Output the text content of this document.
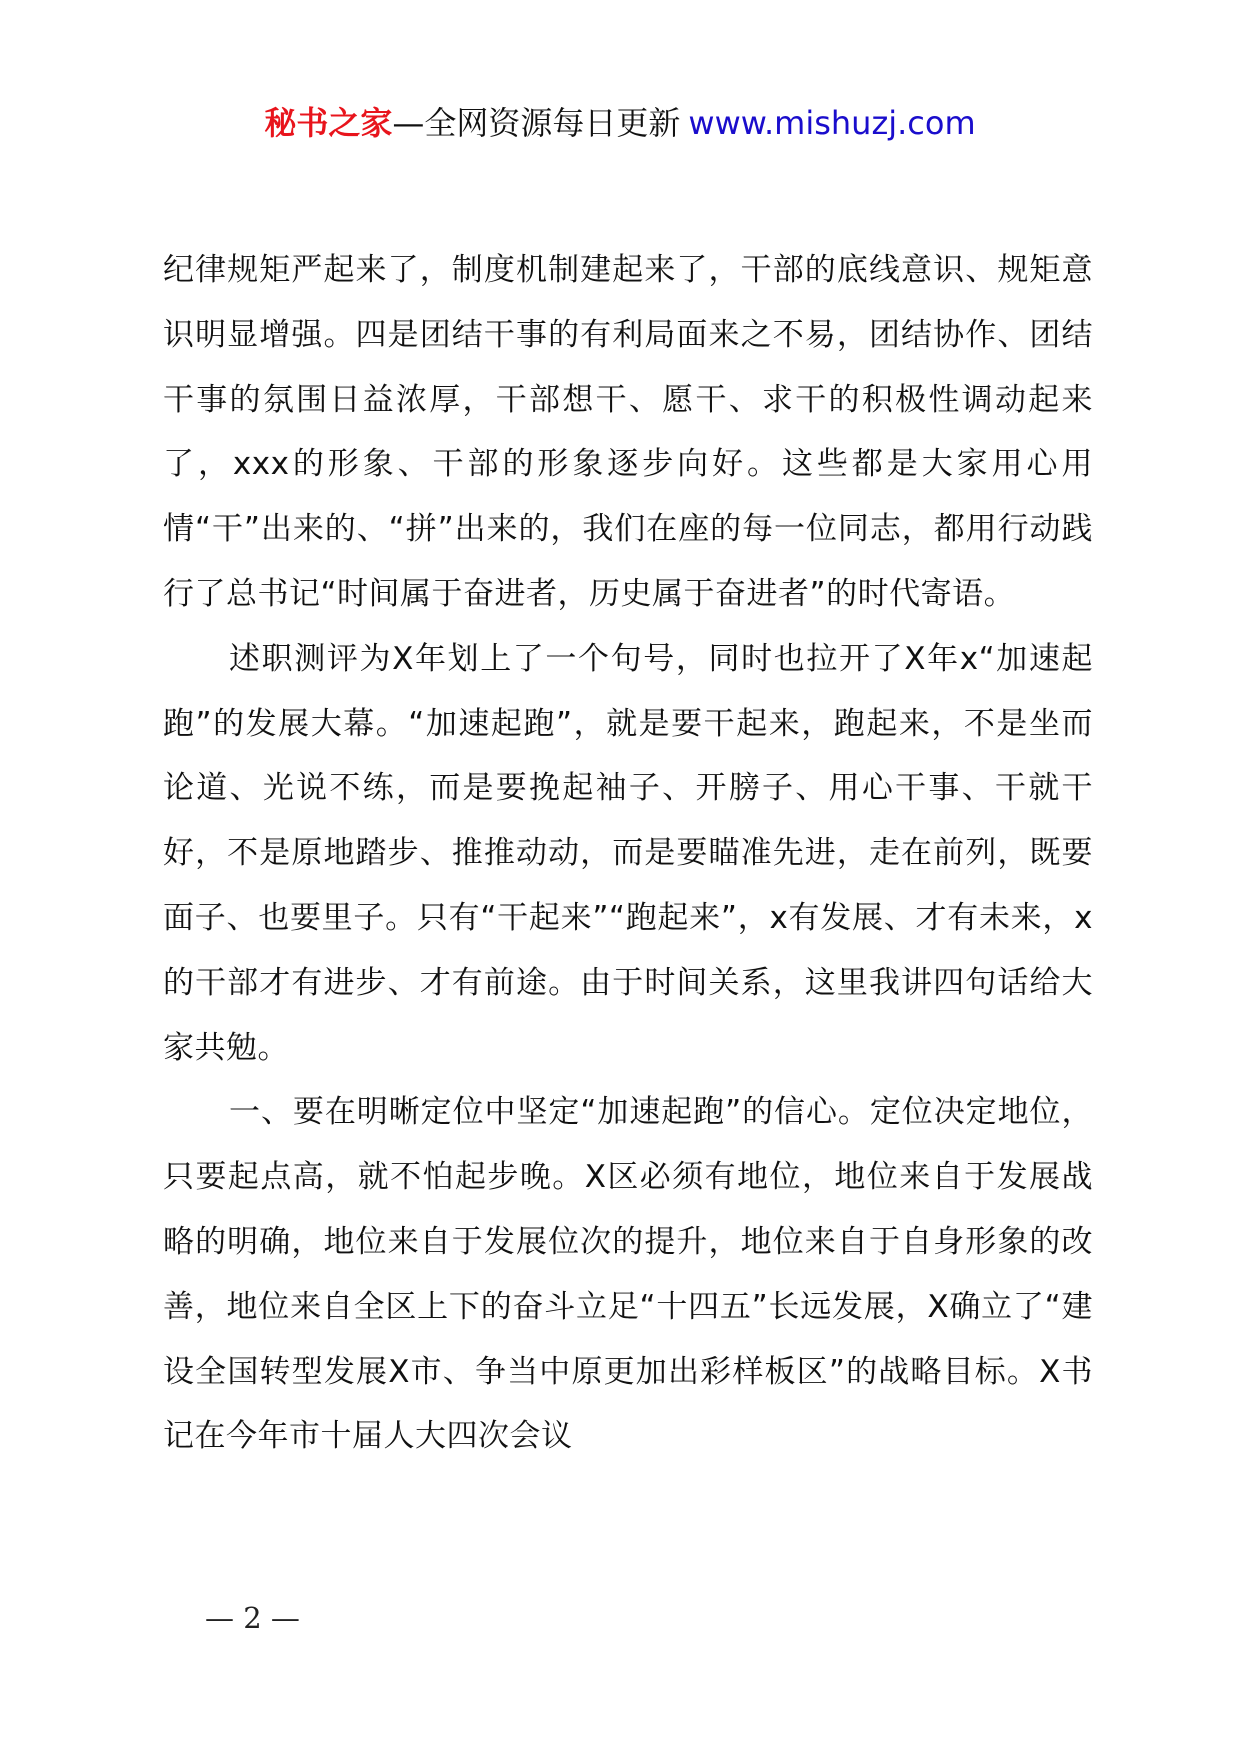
秘书之家—全网资源每日更新 www.mishuzj.com

纪律规矩严起来了，制度机制建起来了，干部的底线意识、规矩意识明显增强。四是团结干事的有利局面来之不易，团结协作、团结干事的氛围日益浓厚，干部想干、愿干、求干的积极性调动起来了，xxx的形象、干部的形象逐步向好。这些都是大家用心用情“干”出来的、“拼”出来的，我们在座的每一位同志，都用行动践行了总书记“时间属于奋进者，历史属于奋进者”的时代寄语。

述职测评为X年划上了一个句号，同时也拉开了X年x“加速起跑”的发展大幕。“加速起跑”，就是要干起来，跑起来，不是坐而论道、光说不练，而是要挽起袖子、开膀子、用心干事、干就干好，不是原地踏步、推推动动，而是要瞄准先进，走在前列，既要面子、也要里子。只有“干起来”“跑起来”，x有发展、才有未来，x的干部才有进步、才有前途。由于时间关系，这里我讲四句话给大家共勉。

一、要在明晰定位中坚定“加速起跑”的信心。定位决定地位，只要起点高，就不怕起步晚。X区必须有地位，地位来自于发展战略的明确，地位来自于发展位次的提升，地位来自于自身形象的改善，地位来自全区上下的奋斗立足“十四五”长远发展，X确立了“建设全国转型发展X市、争当中原更加出彩样板区”的战略目标。X书记在今年市十届人大四次会议

— 2 —
